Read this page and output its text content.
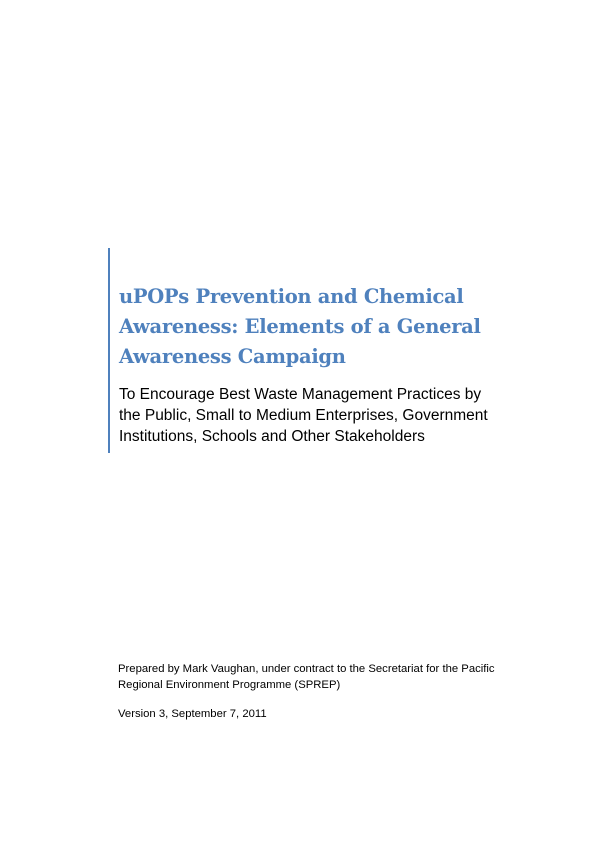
uPOPs Prevention and Chemical Awareness: Elements of a General Awareness Campaign

To Encourage Best Waste Management Practices by the Public, Small to Medium Enterprises, Government Institutions, Schools and Other Stakeholders

Prepared by Mark Vaughan, under contract to the Secretariat for the Pacific Regional Environment Programme (SPREP)

Version 3, September 7, 2011
